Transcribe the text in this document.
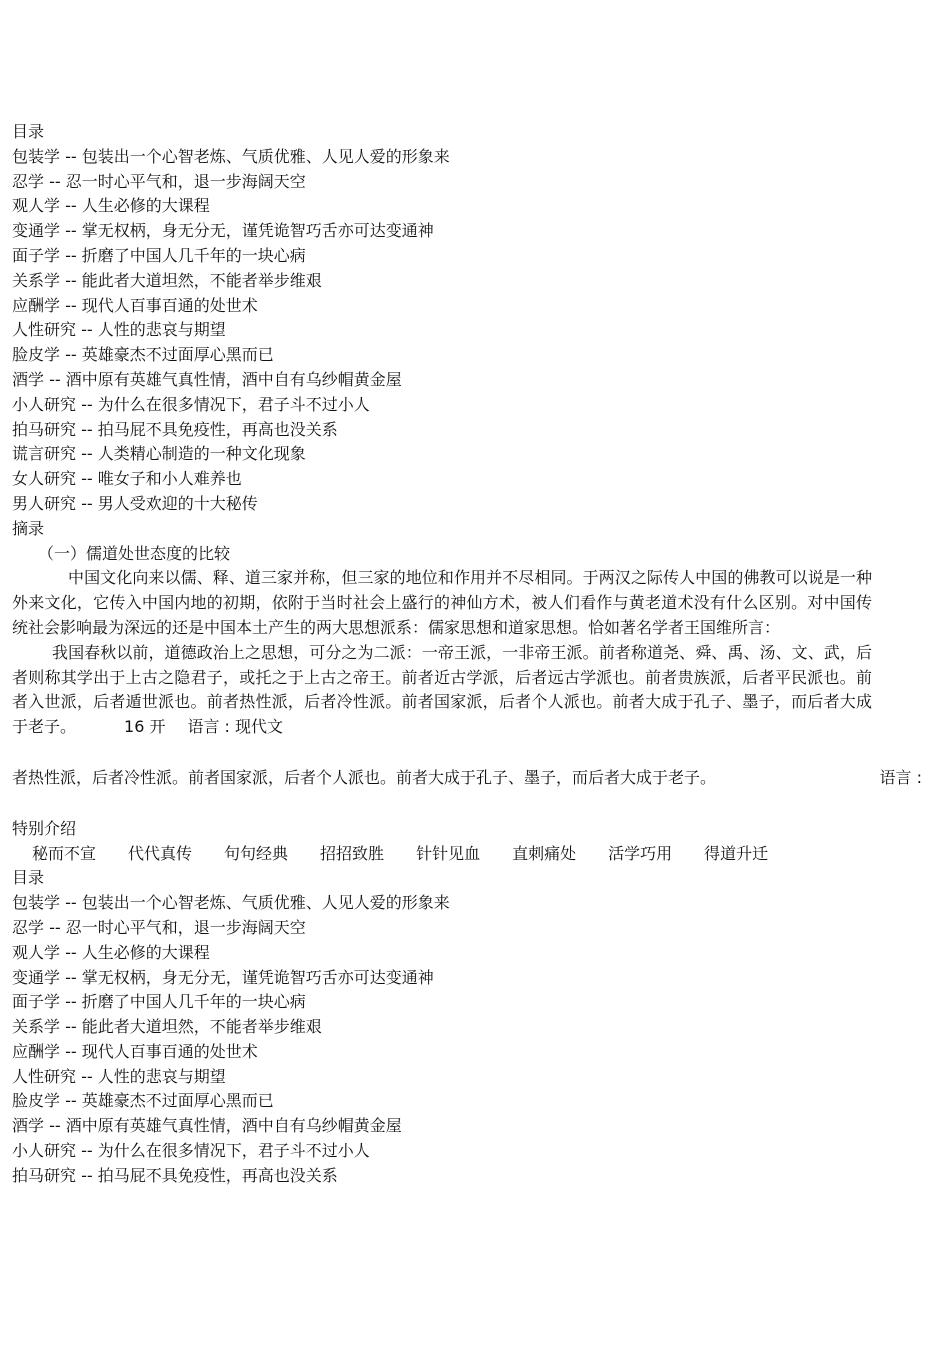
目录
包装学 -- 包装出一个心智老炼、气质优雅、人见人爱的形象来
忍学 -- 忍一时心平气和，退一步海阔天空
观人学 -- 人生必修的大课程
变通学 -- 掌无权柄，身无分无，谨凭诡智巧舌亦可达变通神
面子学 -- 折磨了中国人几千年的一块心病
关系学 -- 能此者大道坦然，不能者举步维艰
应酬学 -- 现代人百事百通的处世术
人性研究 -- 人性的悲哀与期望
脸皮学 -- 英雄豪杰不过面厚心黑而已
酒学 -- 酒中原有英雄气真性情，酒中自有乌纱帽黄金屋
小人研究 -- 为什么在很多情况下，君子斗不过小人
拍马研究 -- 拍马屁不具免疫性，再高也没关系
谎言研究 -- 人类精心制造的一种文化现象
女人研究 -- 唯女子和小人难养也
男人研究 -- 男人受欢迎的十大秘传
摘录
（一）儒道处世态度的比较
中国文化向来以儒、释、道三家并称，但三家的地位和作用并不尽相同。于两汉之际传人中国的佛教可以说是一种外来文化，它传入中国内地的初期，依附于当时社会上盛行的神仙方术，被人们看作与黄老道术没有什么区别。对中国传统社会影响最为深远的还是中国本土产生的两大思想派系：儒家思想和道家思想。恰如著名学者王国维所言：
我国春秋以前，道德政治上之思想，可分之为二派：一帝王派，一非帝王派。前者称道尧、舜、禹、汤、文、武，后者则称其学出于上古之隐君子，或托之于上古之帝王。前者近古学派，后者远古学派也。前者贵族派，后者平民派也。前者入世派，后者遁世派也。前者热性派，后者冷性派。前者国家派，后者个人派也。前者大成于孔子、墨子，而后者大成于老子。	16 开 语言 : 现代文
者热性派，后者冷性派。前者国家派，后者个人派也。前者大成于孔子、墨子，而后者大成于老子。	语言 :
特别介绍
秘而不宣 代代真传 句句经典 招招致胜 针针见血 直刺痛处 活学巧用 得道升迁
目录
包装学 -- 包装出一个心智老炼、气质优雅、人见人爱的形象来
忍学 -- 忍一时心平气和，退一步海阔天空
观人学 -- 人生必修的大课程
变通学 -- 掌无权柄，身无分无，谨凭诡智巧舌亦可达变通神
面子学 -- 折磨了中国人几千年的一块心病
关系学 -- 能此者大道坦然，不能者举步维艰
应酬学 -- 现代人百事百通的处世术
人性研究 -- 人性的悲哀与期望
脸皮学 -- 英雄豪杰不过面厚心黑而已
酒学 -- 酒中原有英雄气真性情，酒中自有乌纱帽黄金屋
小人研究 -- 为什么在很多情况下，君子斗不过小人
拍马研究 -- 拍马屁不具免疫性，再高也没关系
